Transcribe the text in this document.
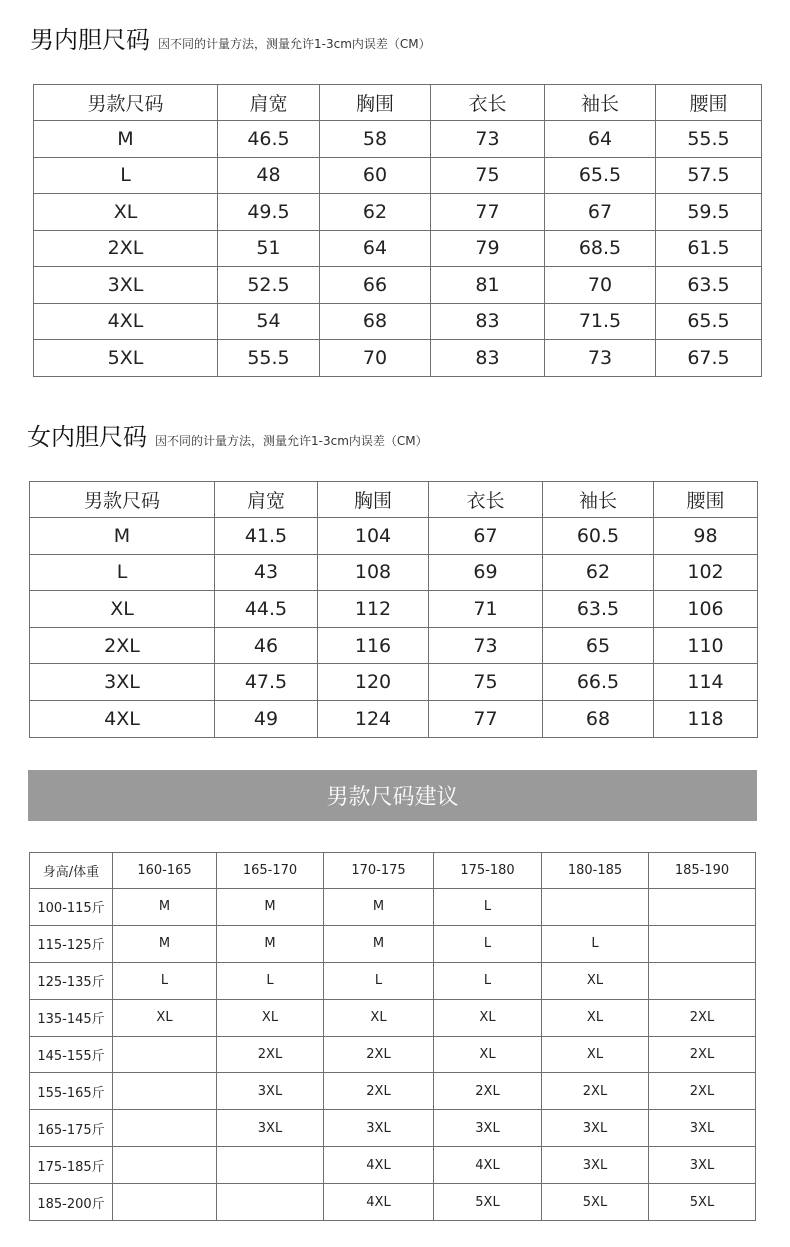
男内胆尺码 因不同的计量方法，测量允许1-3cm内误差（CM）
男款尺码	肩宽	胸围	衣长	袖长	腰围
M	46.5	58	73	64	55.5
L	48	60	75	65.5	57.5
XL	49.5	62	77	67	59.5
2XL	51	64	79	68.5	61.5
3XL	52.5	66	81	70	63.5
4XL	54	68	83	71.5	65.5
5XL	55.5	70	83	73	67.5
女内胆尺码 因不同的计量方法，测量允许1-3cm内误差（CM）
男款尺码	肩宽	胸围	衣长	袖长	腰围
M	41.5	104	67	60.5	98
L	43	108	69	62	102
XL	44.5	112	71	63.5	106
2XL	46	116	73	65	110
3XL	47.5	120	75	66.5	114
4XL	49	124	77	68	118
男款尺码建议
身高/体重	160-165	165-170	170-175	175-180	180-185	185-190
100-115斤	M	M	M	L		
115-125斤	M	M	M	L	L	
125-135斤	L	L	L	L	XL	
135-145斤	XL	XL	XL	XL	XL	2XL
145-155斤		2XL	2XL	XL	XL	2XL
155-165斤		3XL	2XL	2XL	2XL	2XL
165-175斤		3XL	3XL	3XL	3XL	3XL
175-185斤			4XL	4XL	3XL	3XL
185-200斤			4XL	5XL	5XL	5XL
